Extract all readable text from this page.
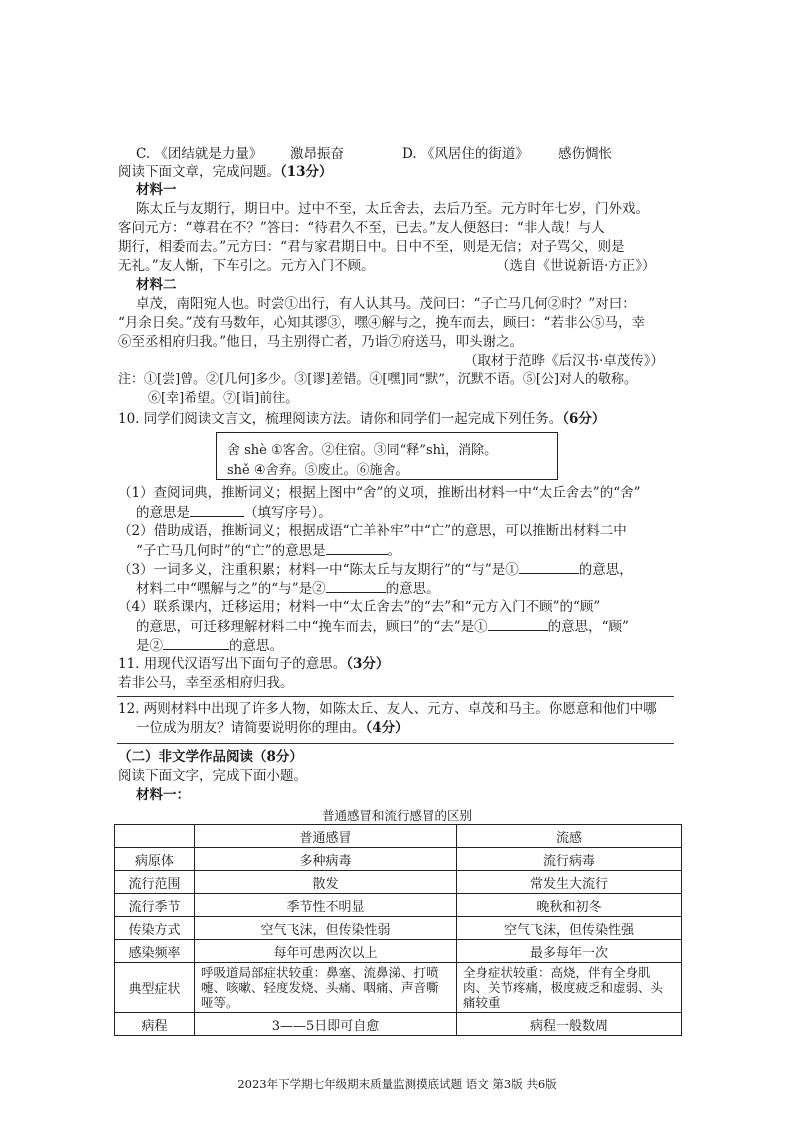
C. 《团结就是力量》 激昂振奋	D. 《风居住的街道》 感伤惆怅
阅读下面文章，完成问题。（13分）
材料一
陈太丘与友期行，期日中。过中不至，太丘舍去，去后乃至。元方时年七岁，门外戏。
客问元方：“尊君在不？”答曰：“待君久不至，已去。”友人便怒曰：“非人哉！与人
期行，相委而去。”元方曰：“君与家君期日中。日中不至，则是无信；对子骂父，则是
无礼。”友人惭，下车引之。元方入门不顾。	（选自《世说新语·方正》）
材料二
卓茂，南阳宛人也。时尝①出行，有人认其马。茂问曰：“子亡马几何②时？”对曰：
“月余日矣。”茂有马数年，心知其谬③，嘿④解与之，挽车而去，顾曰：“若非公⑤马，幸
⑥至丞相府归我。”他日，马主别得亡者，乃诣⑦府送马，叩头谢之。
（取材于范晔《后汉书·卓茂传》）
注：①[尝]曾。②[几何]多少。③[谬]差错。④[嘿]同“默”，沉默不语。⑤[公]对人的敬称。
⑥[幸]希望。⑦[诣]前往。
10. 同学们阅读文言文，梳理阅读方法。请你和同学们一起完成下列任务。（6分）
舍 shè ①客舍。②住宿。③同“释”shì，消除。
shě ④舍弃。⑤废止。⑥施舍。
（1）查阅词典，推断词义；根据上图中“舍”的义项，推断出材料一中“太丘舍去”的“舍”
的意思是	（填写序号）。
（2）借助成语，推断词义；根据成语“亡羊补牢”中“亡”的意思，可以推断出材料二中
“子亡马几何时”的“亡”的意思是	。
（3）一词多义，注重积累；材料一中“陈太丘与友期行”的“与”是①	的意思，
材料二中“嘿解与之”的“与”是②	的意思。
（4）联系课内，迁移运用；材料一中“太丘舍去”的“去”和“元方入门不顾”的“顾”
的意思，可迁移理解材料二中“挽车而去，顾曰”的“去”是①	的意思，“顾”
是②	的意思。
11. 用现代汉语写出下面句子的意思。（3分）
若非公马，幸至丞相府归我。
12. 两则材料中出现了许多人物，如陈太丘、友人、元方、卓茂和马主。你愿意和他们中哪
一位成为朋友？请简要说明你的理由。（4分）
（二）非文学作品阅读（8分）
阅读下面文字，完成下面小题。
材料一：
普通感冒和流行感冒的区别
	普通感冒	流感
病原体	多种病毒	流行病毒
流行范围	散发	常发生大流行
流行季节	季节性不明显	晚秋和初冬
传染方式	空气飞沫，但传染性弱	空气飞沫，但传染性强
感染频率	每年可患两次以上	最多每年一次
典型症状	呼吸道局部症状较重：鼻塞、流鼻涕、打喷嚏、咳嗽、轻度发烧、头痛、咽痛、声音嘶哑等。	全身症状较重：高烧，伴有全身肌肉、关节疼痛，极度疲乏和虚弱、头痛较重
病程	3——5日即可自愈	病程一般数周
2023年下学期七年级期末质量监测摸底试题 语文 第3版 共6版
